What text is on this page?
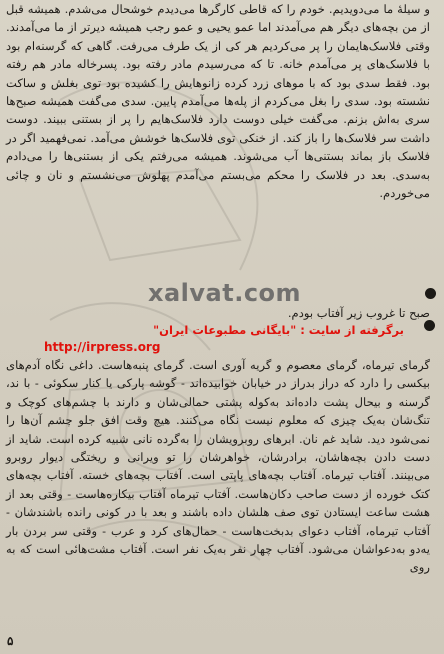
و سیلهٔ ما می‌دویدیم. خودم را که قاطی کارگرها می‌دیدم خوشحال می‌شدم. همیشه قبل از من بچه‌های دیگر هم می‌آمدند اما عمو یحیی و عمو رجب همیشه دیرتر از ما می‌آمدند. وقتی فلاسک‌هایمان را پر می‌کردیم هر کی از یک طرف می‌رفت. گاهی که گرسنه‌ام بود با فلاسک‌های پر می‌آمدم خانه. تا که می‌رسیدم مادر رفته بود. پسرخاله مادر هم رفته بود. فقط سدی بود که با موهای زرد کرده زانوهایش را کشیده بود توی بغلش و ساکت نشسته بود. سدی را بغل می‌کردم از پله‌ها می‌آمدم پایین. سدی می‌گفت همیشه صبح‌ها سری به‌اش بزنم. می‌گفت خیلی دوست دارد فلاسک‌هایم را پر از بستنی ببیند. دوست داشت سر فلاسک‌ها را باز کند. از خنکی توی فلاسک‌ها خوشش می‌آمد. نمی‌فهمید اگر در فلاسک باز بماند بستنی‌ها آب می‌شوند. همیشه می‌رفتم یکی از بستنی‌ها را می‌دادم به‌سدی. بعد در فلاسک را محکم می‌بستم می‌آمدم پهلوش می‌نشستم و نان و چائی می‌خوردم.

xalvat.com
برگرفته از سایت : "بایگانی مطبوعات ایران"
http://irpress.org

صبح تا غروب زیر آفتاب بودم.

گرمای تیرماه، گرمای معصوم و گریه آوری است. گرمای پنبه‌هاست. داغی نگاه آدم‌های بیکسی را دارد که دراز بدراز در خیابان خوابیده‌اند - گوشه پارکی یا کنار سکوئی - با ند، گرسنه و بیحال پشت داده‌اند به‌کوله پشتی حمالی‌شان و دارند با چشم‌های کوچک و تنگ‌شان به‌یک چیزی که معلوم نیست نگاه می‌کنند. هیچ وقت افق جلو چشم آن‌ها را نمی‌شود دید. شاید غم نان. ابرهای روبرویشان را به‌گرده نانی شبیه کرده است. شاید از دست دادن بچه‌هاشان، برادرشان، خواهرشان را تو ویرانی و ریختگی دیوار روبرو می‌بینند. آفتاب تیرماه. آفتاب بچه‌های پاپتی است. آفتاب بچه‌های خسته. آفتاب بچه‌های کتک خورده از دست صاحب دکان‌هاست. آفتاب تیرماه آفتاب بیکاره‌هاست - وقتی بعد از هشت ساعت ایستادن توی صف هلشان داده باشند و بعد با در کونی رانده باشندشان - آفتاب تیرماه، آفتاب دعوای بدبخت‌هاست - حمال‌های کرد و عرب - وقتی سر بردن بار یه‌دو به‌دعواشان می‌شود. آفتاب چهار نفر به‌یک نفر است. آفتاب مشت‌هائی است که به روی

۵
